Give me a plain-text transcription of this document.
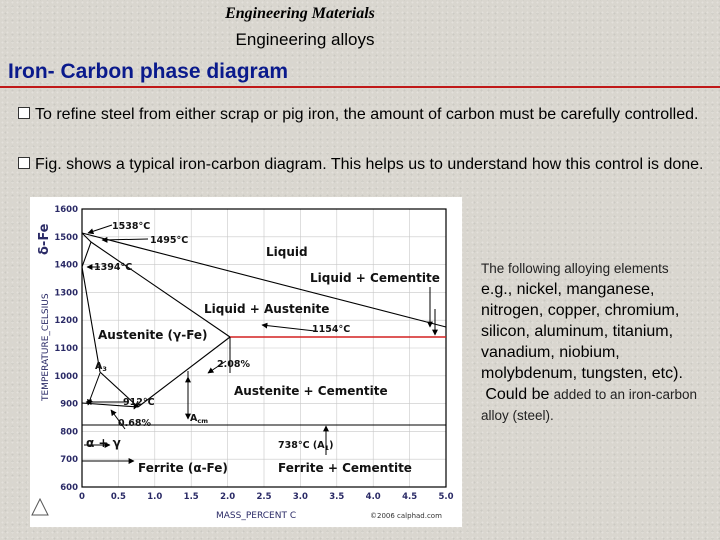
Engineering Materials
Engineering alloys
Iron- Carbon phase diagram
To refine steel from either scrap or pig iron, the amount of carbon must be carefully controlled.
Fig. shows a typical iron-carbon diagram. This helps us to understand how this control is done.
1600
1500
1400
1300
1200
1100
1000
900
800
700
600
0	0.5	1.0	1.5	2.0	2.5	3.0	3.5	4.0	4.5	5.0
TEMPERATURE_CELSIUS
δ-Fe
MASS_PERCENT C	©2006 calphad.com
1538°C
1495°C
1394°C
1154°C
912°C
2.08%
0.68%
738°C $(A_1)$
$A_3$
$A_{cm}$
Liquid
Liquid + Cementite
Liquid + Austenite
Austenite (γ-Fe)
Austenite + Cementite
α + γ
Ferrite (α-Fe)	Ferrite + Cementite
The following alloying elements
e.g., nickel, manganese, nitrogen, copper, chromium, silicon, aluminum, titanium, vanadium, niobium, molybdenum, tungsten, etc).
Could be added to an iron-carbon alloy (steel).
